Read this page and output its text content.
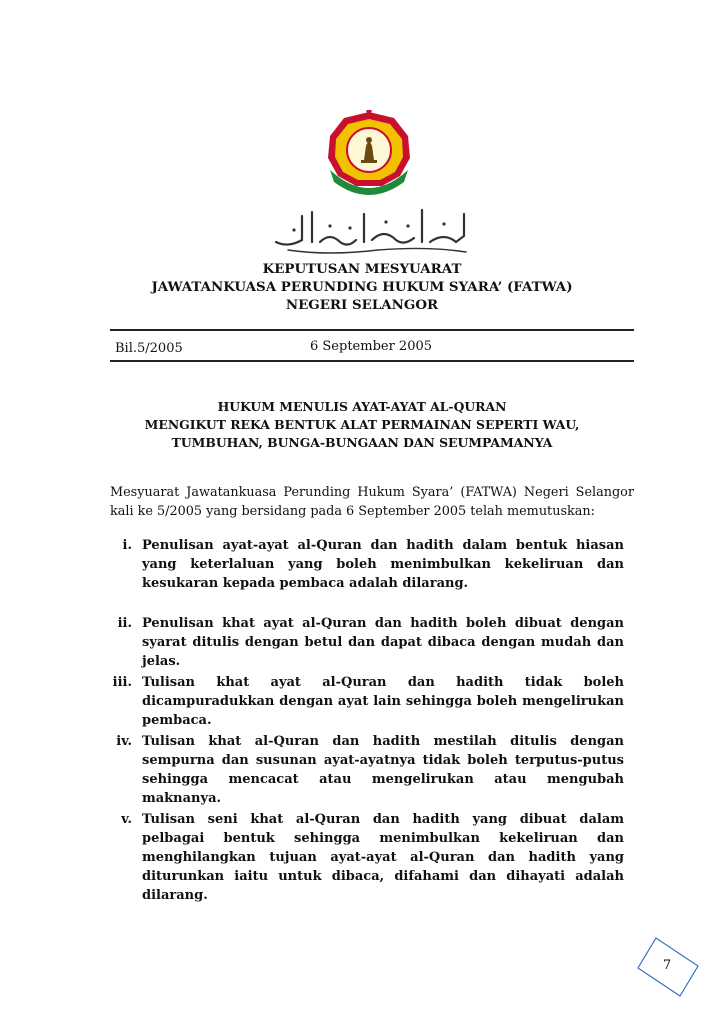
KEPUTUSAN MESYUARAT
JAWATANKUASA PERUNDING HUKUM SYARA’ (FATWA)
NEGERI SELANGOR
Bil.5/2005	6 September 2005
HUKUM MENULIS AYAT-AYAT AL-QURAN
MENGIKUT REKA BENTUK ALAT PERMAINAN SEPERTI WAU,
TUMBUHAN, BUNGA-BUNGAAN DAN SEUMPAMANYA
Mesyuarat Jawatankuasa Perunding Hukum Syara’ (FATWA) Negeri Selangor kali ke 5/2005 yang bersidang pada 6 September 2005 telah memutuskan:
i. Penulisan ayat-ayat al-Quran dan hadith dalam bentuk hiasan yang keterlaluan yang boleh menimbulkan kekeliruan dan kesukaran kepada pembaca adalah dilarang.
ii. Penulisan khat ayat al-Quran dan hadith boleh dibuat dengan syarat ditulis dengan betul dan dapat dibaca dengan mudah dan jelas.
iii. Tulisan khat ayat al-Quran dan hadith tidak boleh dicampuradukkan dengan ayat lain sehingga boleh mengelirukan pembaca.
iv. Tulisan khat al-Quran dan hadith mestilah ditulis dengan sempurna dan susunan ayat-ayatnya tidak boleh terputus-putus sehingga mencacat atau mengelirukan atau mengubah maknanya.
v. Tulisan seni khat al-Quran dan hadith yang dibuat dalam pelbagai bentuk sehingga menimbulkan kekeliruan dan menghilangkan tujuan ayat-ayat al-Quran dan hadith yang diturunkan iaitu untuk dibaca, difahami dan dihayati adalah dilarang.
7
